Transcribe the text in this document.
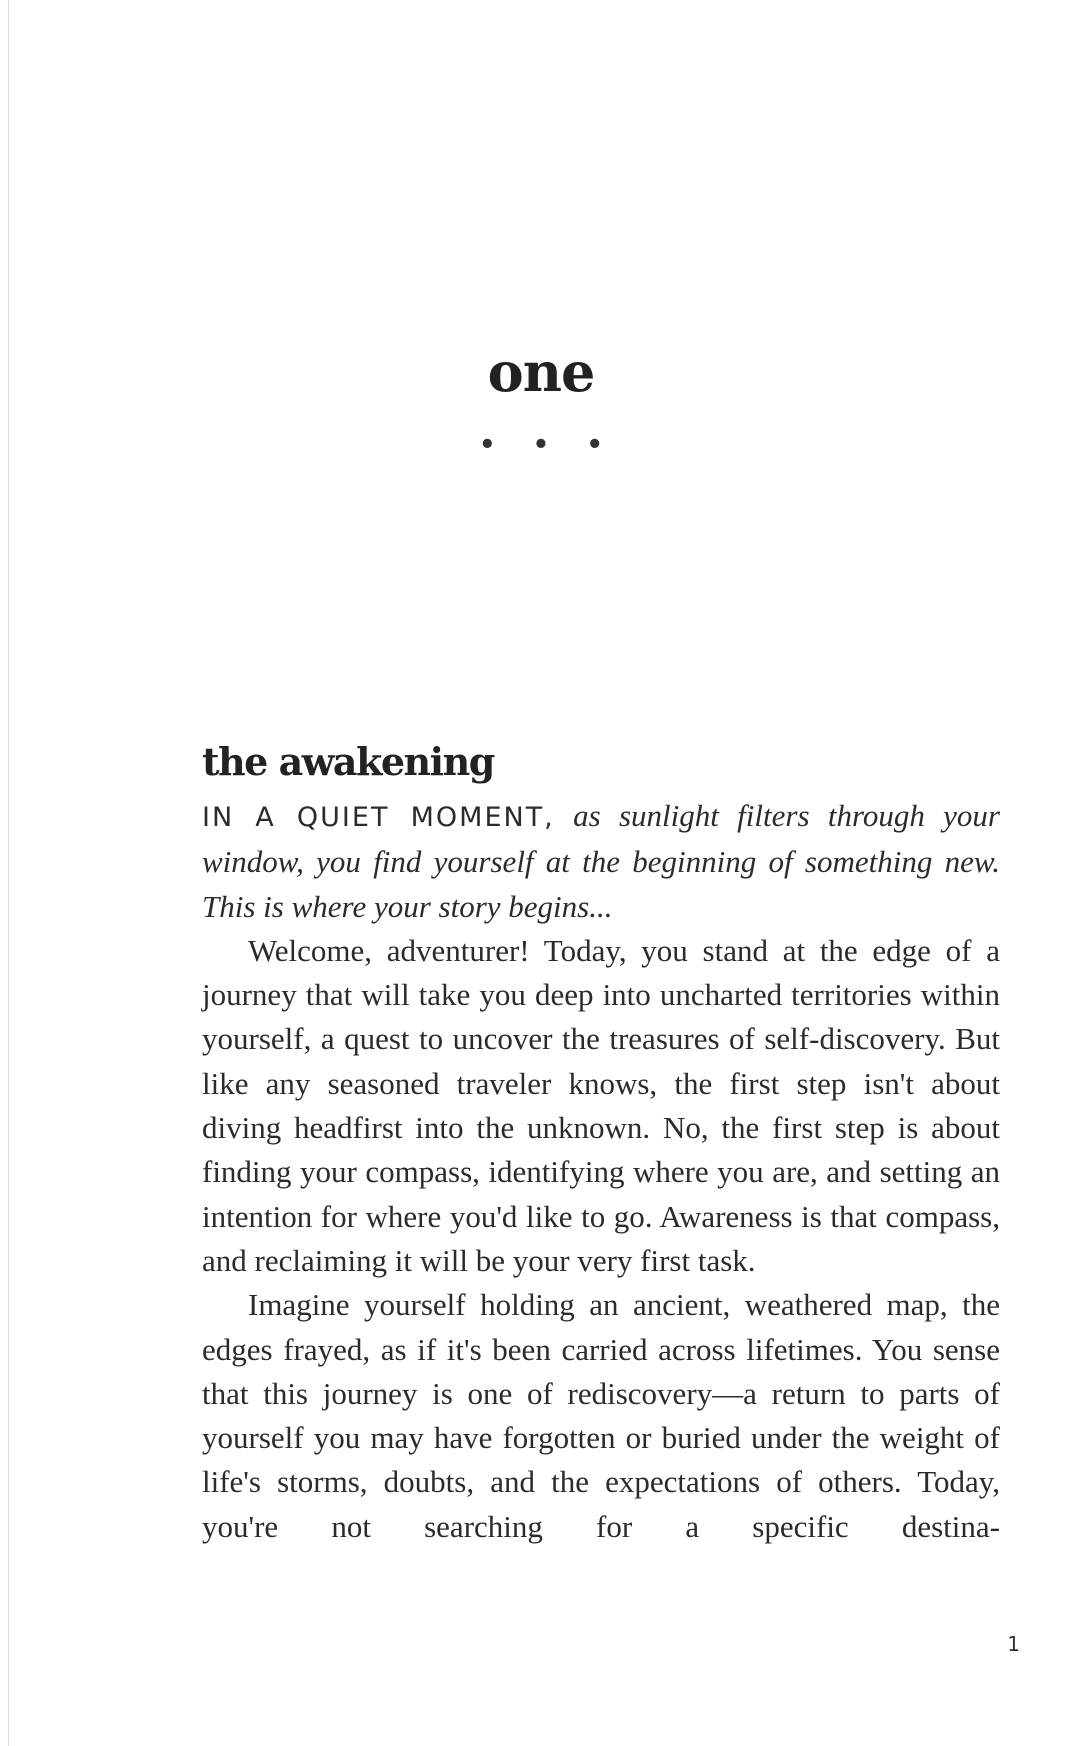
one
• • •
the awakening

IN A QUIET MOMENT, as sunlight filters through your window, you find yourself at the beginning of something new. This is where your story begins...

Welcome, adventurer! Today, you stand at the edge of a journey that will take you deep into uncharted territories within yourself, a quest to uncover the treasures of self-discovery. But like any seasoned traveler knows, the first step isn't about diving headfirst into the unknown. No, the first step is about finding your compass, identifying where you are, and setting an intention for where you'd like to go. Awareness is that compass, and reclaiming it will be your very first task.

Imagine yourself holding an ancient, weathered map, the edges frayed, as if it's been carried across lifetimes. You sense that this journey is one of rediscovery—a return to parts of yourself you may have forgotten or buried under the weight of life's storms, doubts, and the expectations of others. Today, you're not searching for a specific destina-

1
